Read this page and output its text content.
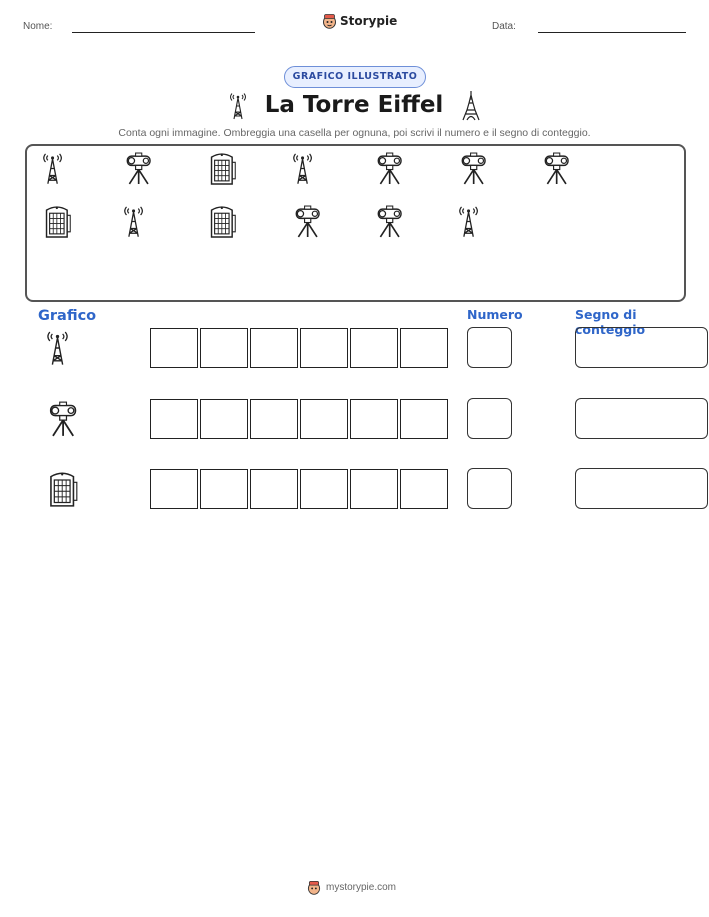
Nome:	Storypie	Data:
GRAFICO ILLUSTRATO
La Torre Eiffel
Conta ogni immagine. Ombreggia una casella per ognuna, poi scrivi il numero e il segno di conteggio.
Grafico	Numero	Segno di conteggio
mystorypie.com
